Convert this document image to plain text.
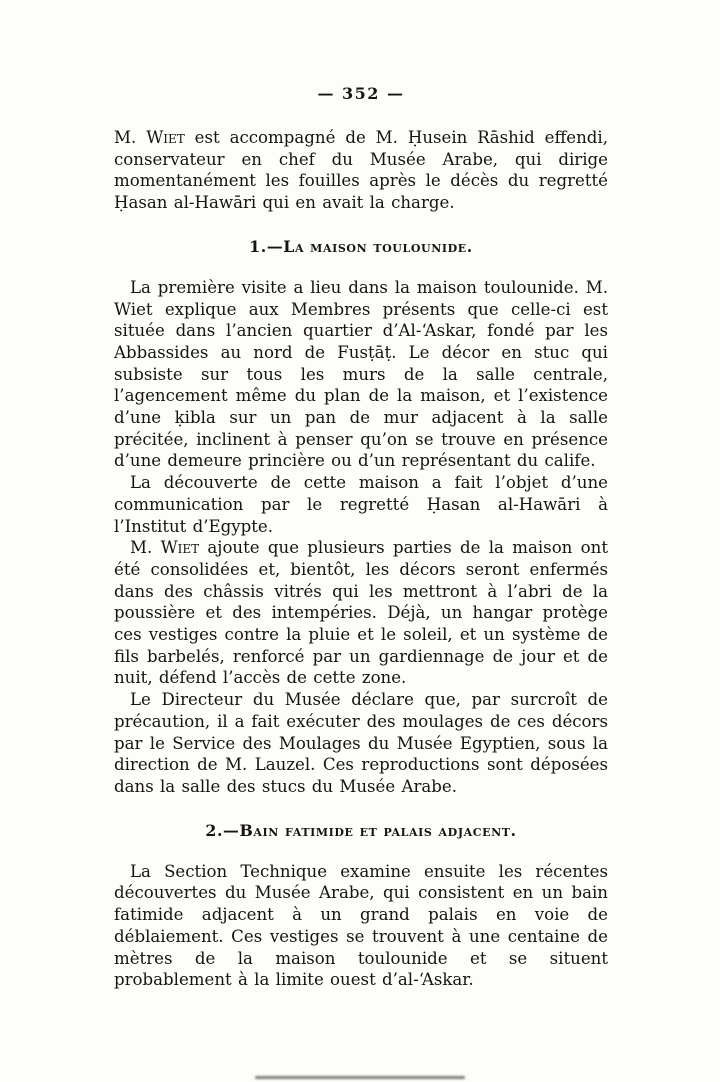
— 352 —

M. Wiet est accompagné de M. Ḥusein Rāshid effendi, conservateur en chef du Musée Arabe, qui dirige momentanément les fouilles après le décès du regretté Ḥasan al-Hawāri qui en avait la charge.

1.—La maison toulounide.

La première visite a lieu dans la maison toulounide. M. Wiet explique aux Membres présents que celle-ci est située dans l’ancien quartier d’Al-‘Askar, fondé par les Abbassides au nord de Fusṭāṭ. Le décor en stuc qui subsiste sur tous les murs de la salle centrale, l’agencement même du plan de la maison, et l’existence d’une ḳibla sur un pan de mur adjacent à la salle précitée, inclinent à penser qu’on se trouve en présence d’une demeure princière ou d’un représentant du calife.

La découverte de cette maison a fait l’objet d’une communication par le regretté Ḥasan al-Hawāri à l’Institut d’Egypte.

M. Wiet ajoute que plusieurs parties de la maison ont été consolidées et, bientôt, les décors seront enfermés dans des châssis vitrés qui les mettront à l’abri de la poussière et des intempéries. Déjà, un hangar protège ces vestiges contre la pluie et le soleil, et un système de fils barbelés, renforcé par un gardiennage de jour et de nuit, défend l’accès de cette zone.

Le Directeur du Musée déclare que, par surcroît de précaution, il a fait exécuter des moulages de ces décors par le Service des Moulages du Musée Egyptien, sous la direction de M. Lauzel. Ces reproductions sont déposées dans la salle des stucs du Musée Arabe.

2.—Bain fatimide et palais adjacent.

La Section Technique examine ensuite les récentes découvertes du Musée Arabe, qui consistent en un bain fatimide adjacent à un grand palais en voie de déblaiement. Ces vestiges se trouvent à une centaine de mètres de la maison toulounide et se situent probablement à la limite ouest d’al-‘Askar.
